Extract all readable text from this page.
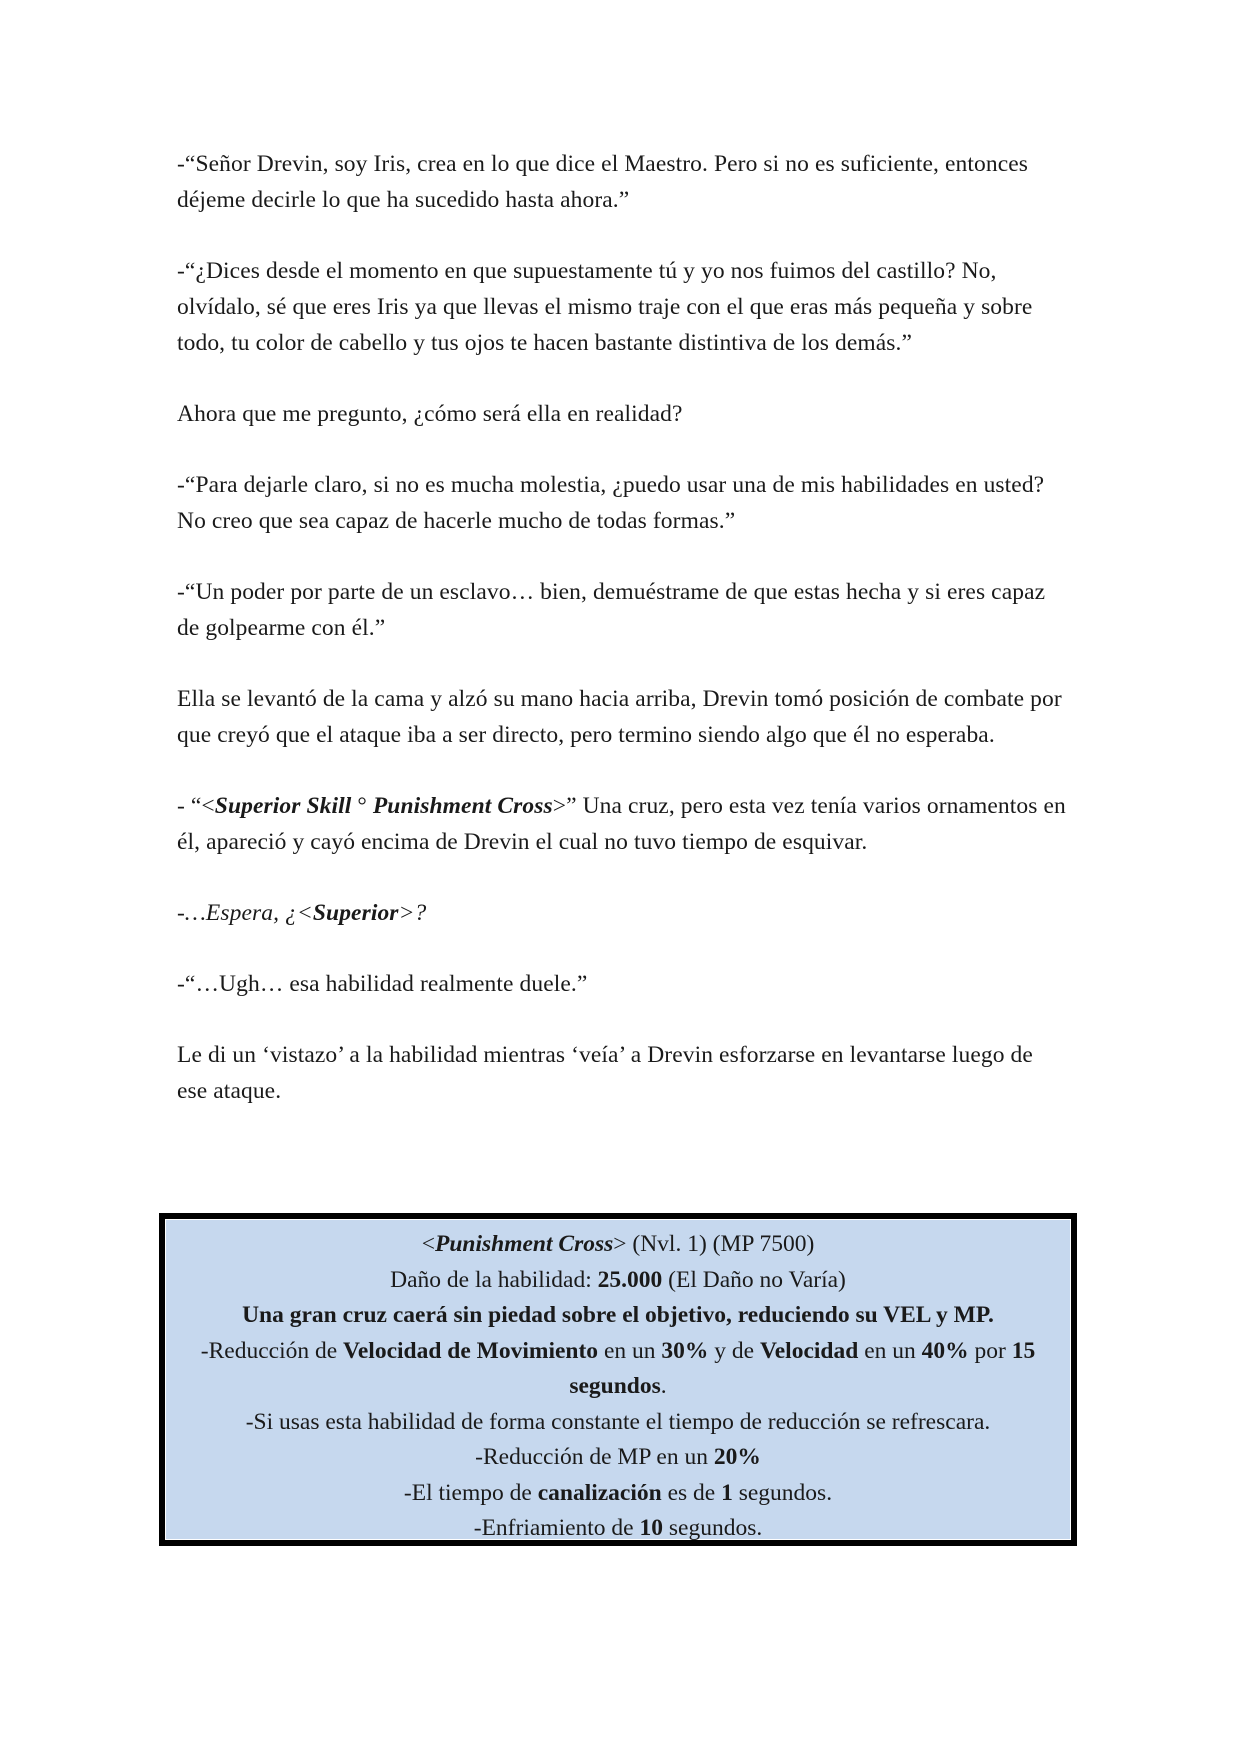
-“Señor Drevin, soy Iris, crea en lo que dice el Maestro. Pero si no es suficiente, entonces déjeme decirle lo que ha sucedido hasta ahora.”

-“¿Dices desde el momento en que supuestamente tú y yo nos fuimos del castillo? No, olvídalo, sé que eres Iris ya que llevas el mismo traje con el que eras más pequeña y sobre todo, tu color de cabello y tus ojos te hacen bastante distintiva de los demás.”

Ahora que me pregunto, ¿cómo será ella en realidad?

-“Para dejarle claro, si no es mucha molestia, ¿puedo usar una de mis habilidades en usted? No creo que sea capaz de hacerle mucho de todas formas.”

-“Un poder por parte de un esclavo… bien, demuéstrame de que estas hecha y si eres capaz de golpearme con él.”

Ella se levantó de la cama y alzó su mano hacia arriba, Drevin tomó posición de combate por que creyó que el ataque iba a ser directo, pero termino siendo algo que él no esperaba.

- “<Superior Skill ° Punishment Cross>” Una cruz, pero esta vez tenía varios ornamentos en él, apareció y cayó encima de Drevin el cual no tuvo tiempo de esquivar.

-…Espera, ¿<Superior>?

-“…Ugh… esa habilidad realmente duele.”

Le di un ‘vistazo’ a la habilidad mientras ‘veía’ a Drevin esforzarse en levantarse luego de ese ataque.

<Punishment Cross> (Nvl. 1) (MP 7500)
Daño de la habilidad: 25.000 (El Daño no Varía)
Una gran cruz caerá sin piedad sobre el objetivo, reduciendo su VEL y MP.
-Reducción de Velocidad de Movimiento en un 30% y de Velocidad en un 40% por 15 segundos.
-Si usas esta habilidad de forma constante el tiempo de reducción se refrescara.
-Reducción de MP en un 20%
-El tiempo de canalización es de 1 segundos.
-Enfriamiento de 10 segundos.
